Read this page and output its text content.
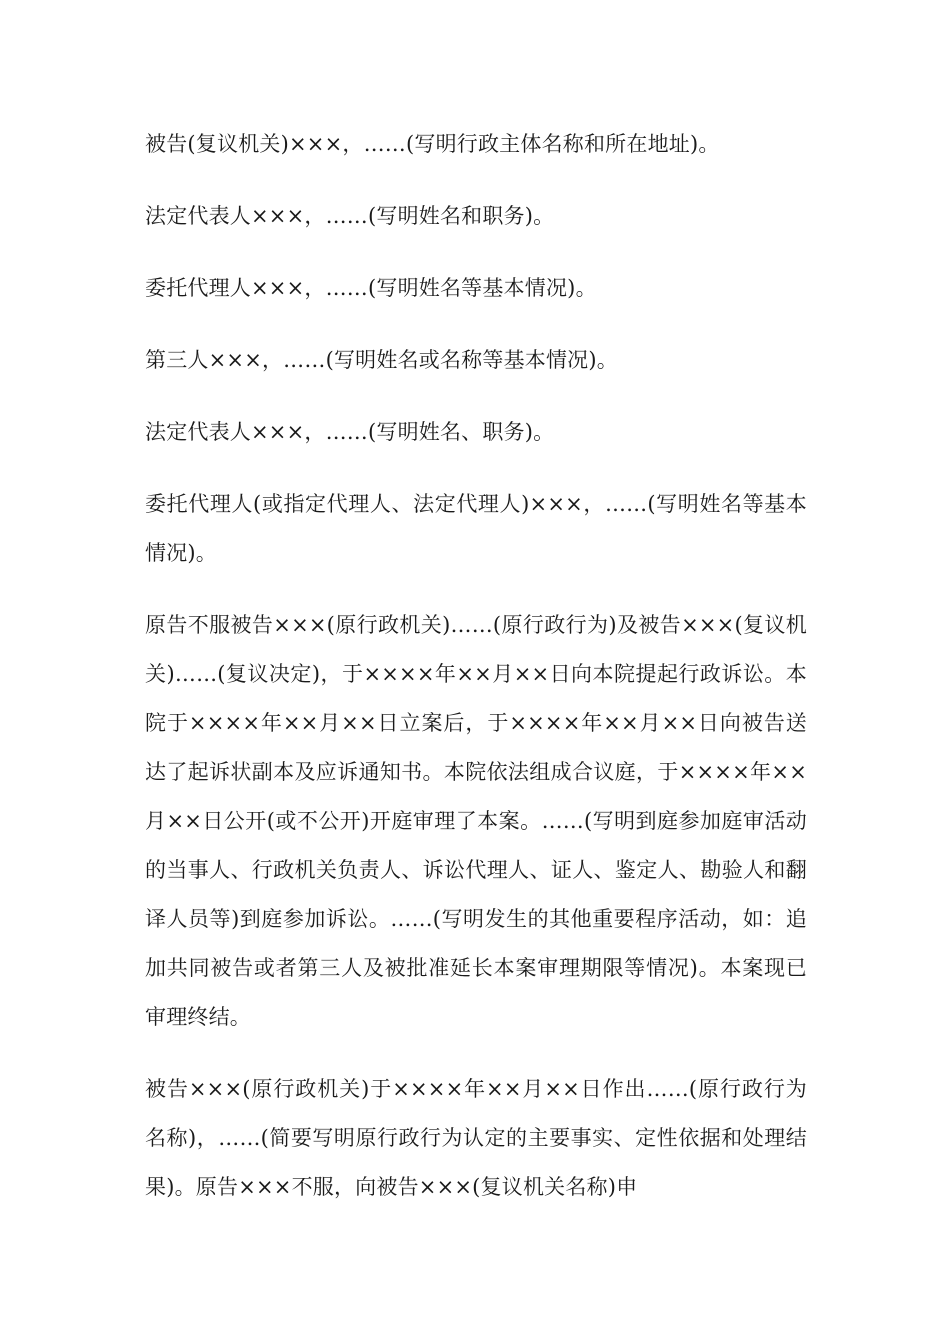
被告(复议机关)×××，……(写明行政主体名称和所在地址)。

法定代表人×××，……(写明姓名和职务)。

委托代理人×××，……(写明姓名等基本情况)。

第三人×××，……(写明姓名或名称等基本情况)。

法定代表人×××，……(写明姓名、职务)。

委托代理人(或指定代理人、法定代理人)×××，……(写明姓名等基本情况)。

原告不服被告×××(原行政机关)……(原行政行为)及被告×××(复议机关)……(复议决定)，于××××年××月××日向本院提起行政诉讼。本院于××××年××月××日立案后，于××××年××月××日向被告送达了起诉状副本及应诉通知书。本院依法组成合议庭，于××××年××月××日公开(或不公开)开庭审理了本案。……(写明到庭参加庭审活动的当事人、行政机关负责人、诉讼代理人、证人、鉴定人、勘验人和翻译人员等)到庭参加诉讼。……(写明发生的其他重要程序活动，如：追加共同被告或者第三人及被批准延长本案审理期限等情况)。本案现已审理终结。

被告×××(原行政机关)于××××年××月××日作出……(原行政行为名称)，……(简要写明原行政行为认定的主要事实、定性依据和处理结果)。原告×××不服，向被告×××(复议机关名称)申
